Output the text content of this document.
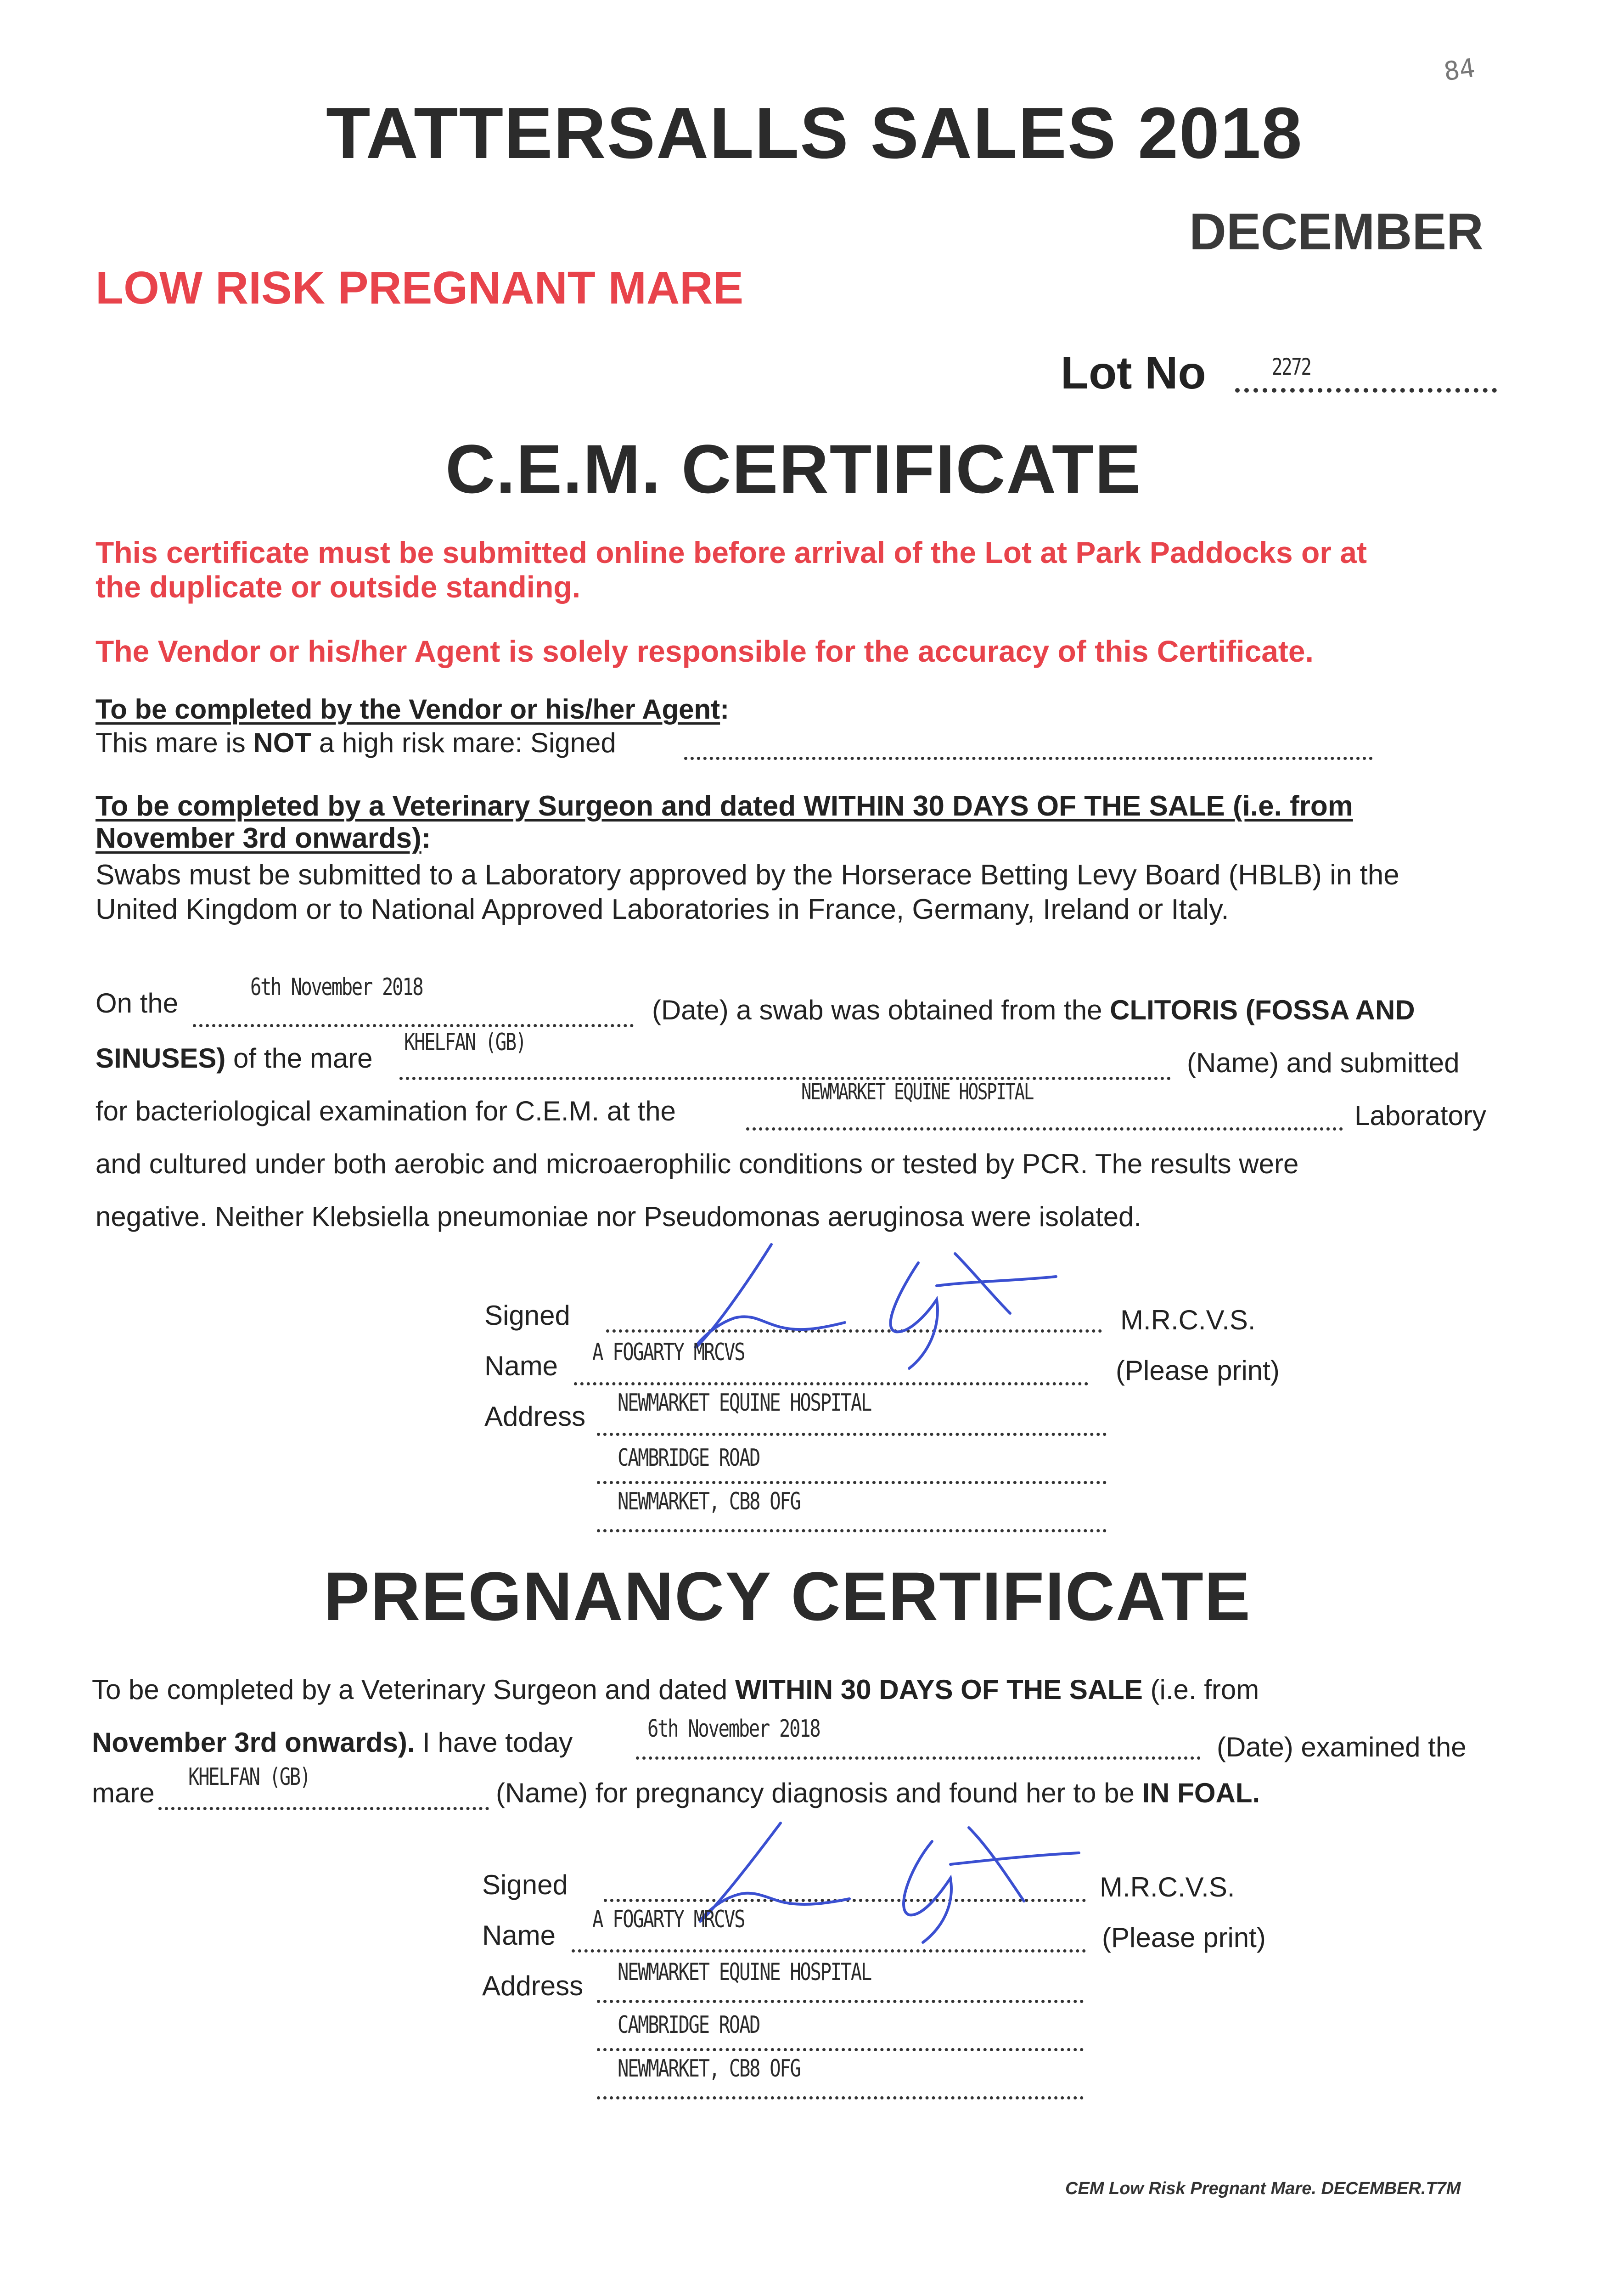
84
TATTERSALLS SALES 2018
DECEMBER
LOW RISK PREGNANT MARE
Lot No	2272
C.E.M. CERTIFICATE
This certificate must be submitted online before arrival of the Lot at Park Paddocks or at
the duplicate or outside standing.
The Vendor or his/her Agent is solely responsible for the accuracy of this Certificate.
To be completed by the Vendor or his/her Agent:
This mare is NOT a high risk mare: Signed
To be completed by a Veterinary Surgeon and dated WITHIN 30 DAYS OF THE SALE (i.e. from
November 3rd onwards):
Swabs must be submitted to a Laboratory approved by the Horserace Betting Levy Board (HBLB) in the
United Kingdom or to National Approved Laboratories in France, Germany, Ireland or Italy.
On the
6th November 2018
(Date) a swab was obtained from the CLITORIS (FOSSA AND
SINUSES) of the mare
KHELFAN (GB)
(Name) and submitted
for bacteriological examination for C.E.M. at the
NEWMARKET EQUINE HOSPITAL
Laboratory
and cultured under both aerobic and microaerophilic conditions or tested by PCR. The results were
negative. Neither Klebsiella pneumoniae nor Pseudomonas aeruginosa were isolated.
Signed	M.R.C.V.S.
Name A FOGARTY MRCVS
(Please print)
Address NEWMARKET EQUINE HOSPITAL
CAMBRIDGE ROAD
NEWMARKET, CB8 OFG
PREGNANCY CERTIFICATE
To be completed by a Veterinary Surgeon and dated WITHIN 30 DAYS OF THE SALE (i.e. from
November 3rd onwards). I have today	6th November 2018
(Date) examined the
mare
KHELFAN (GB)
(Name) for pregnancy diagnosis and found her to be IN FOAL.
Signed	M.R.C.V.S.
Name
A FOGARTY MRCVS
(Please print)
Address NEWMARKET EQUINE HOSPITAL
CAMBRIDGE ROAD
NEWMARKET, CB8 OFG
CEM Low Risk Pregnant Mare. DECEMBER.T7M
